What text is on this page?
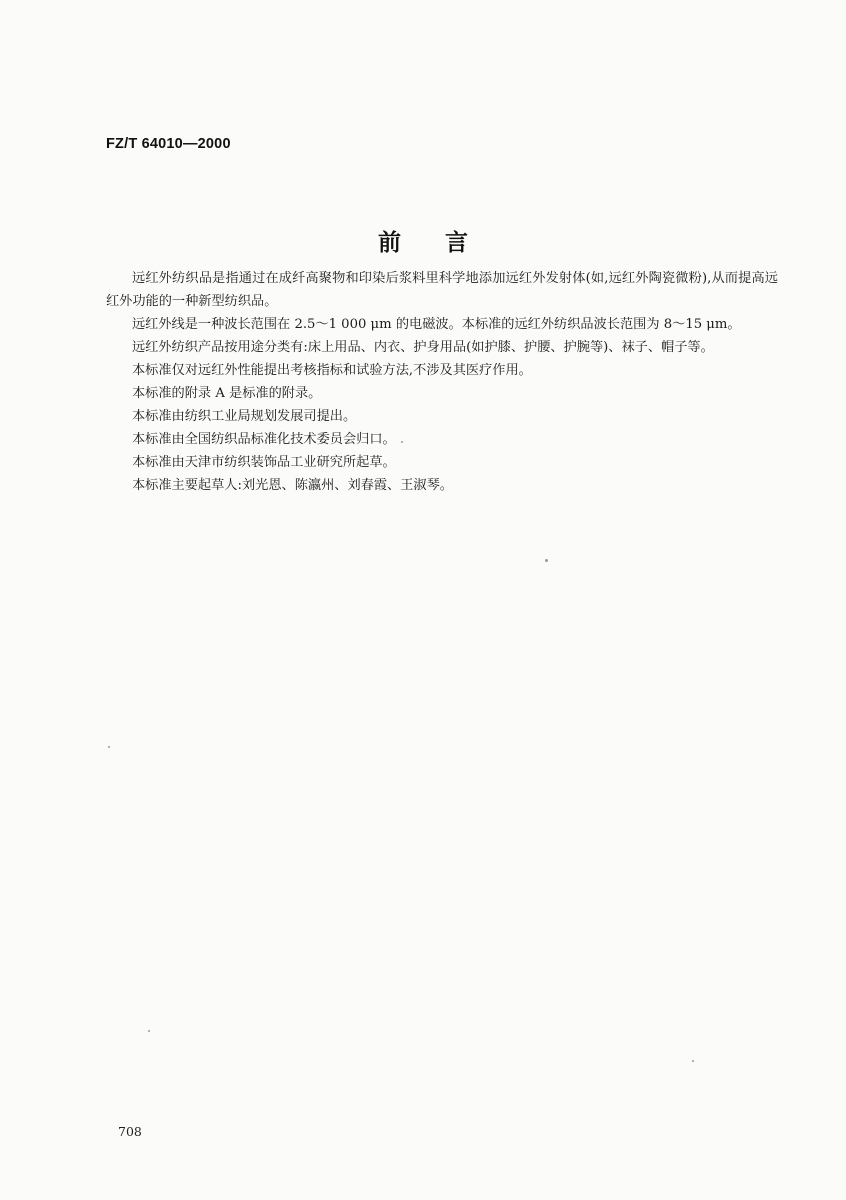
FZ/T 64010—2000
前言

远红外纺织品是指通过在成纤高聚物和印染后浆料里科学地添加远红外发射体(如,远红外陶瓷微粉),从而提高远红外功能的一种新型纺织品。

远红外线是一种波长范围在 2.5～1 000 μm 的电磁波。本标准的远红外纺织品波长范围为 8～15 μm。

远红外纺织产品按用途分类有:床上用品、内衣、护身用品(如护膝、护腰、护腕等)、袜子、帽子等。

本标准仅对远红外性能提出考核指标和试验方法,不涉及其医疗作用。

本标准的附录 A 是标准的附录。

本标准由纺织工业局规划发展司提出。

本标准由全国纺织品标准化技术委员会归口。

本标准由天津市纺织装饰品工业研究所起草。

本标准主要起草人:刘光恩、陈瀛州、刘春霞、王淑琴。

708
